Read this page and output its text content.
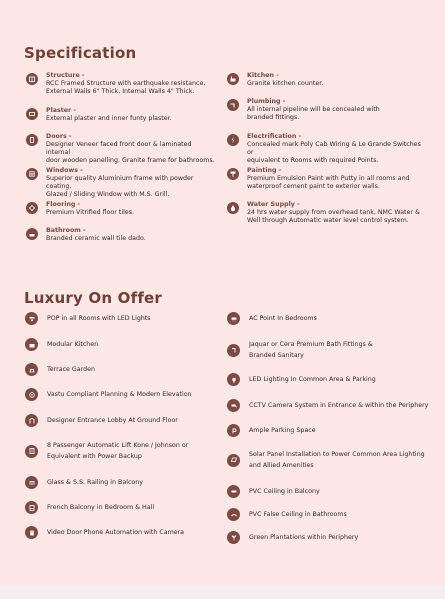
Specification
Structure -
RCC Framed Structure with earthquake resistance,
External Walls 6" Thick, Internal Walls 4" Thick.
Plaster -
External plaster and inner funty plaster.
Doors -
Designer Veneer faced front door & laminated internal
door wooden panelling. Granite frame for bathrooms.
Windows -
Superior quality Aluminium frame with powder coating,
Glazed / Sliding Window with M.S. Grill.
Flooring -
Premium Vitrified floor tiles.
Bathroom -
Branded ceramic wall tile dado.
Kitchen -
Granite kitchen counter.
Plumbing -
All internal pipeline will be concealed with
branded fittings.
Electrification -
Concealed mark Poly Cab Wiring & Le Grande Switches or
equivalent to Rooms with required Points.
Painting -
Premium Emulsion Paint with Putty in all rooms and
waterproof cement paint to exterior walls.
Water Supply -
24 hrs water supply from overhead tank, NMC Water &
Well through Automatic water level control system.
Luxury On Offer
POP in all Rooms with LED Lights
Modular Kitchen
Terrace Garden
Vastu Compliant Planning & Modern Elevation
Designer Entrance Lobby At Ground Floor
8 Passenger Automatic Lift Kone / Johnson or
Equivalent with Power Backup
Glass & S.S. Railing in Balcony
French Balcony in Bedroom & Hall
Video Door Phone Automation with Camera
AC Point In Bedrooms
Jaquar or Cera Premium Bath Fittings &
Branded Sanitary
LED Lighting In Common Area & Parking
CCTV Camera System in Entrance & within the Periphery
Ample Parking Space
Solar Panel Installation to Power Common Area Lighting
and Allied Amenities
PVC Ceiling in Balcony
PVC False Ceiling in Bathrooms
Green Plantations within Periphery
